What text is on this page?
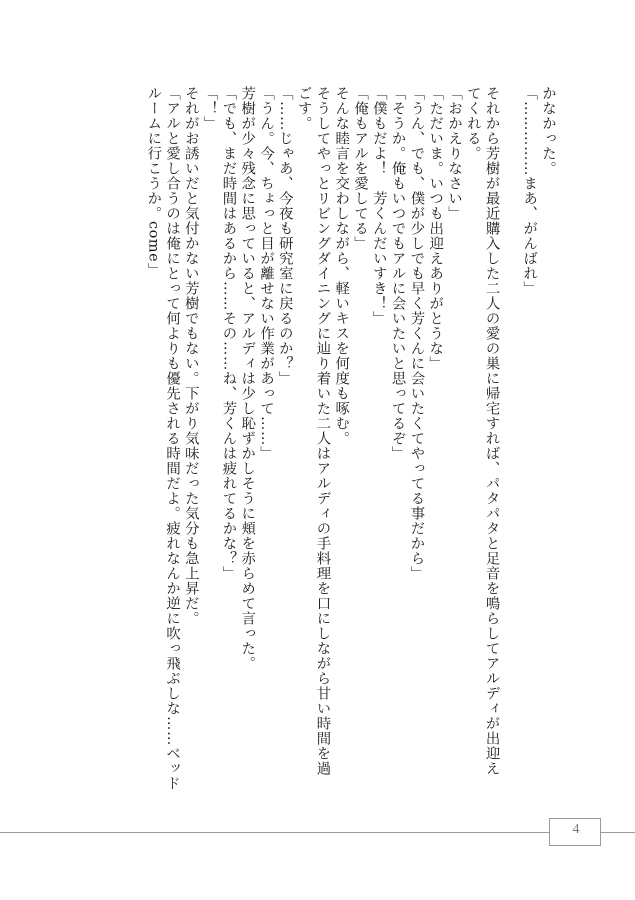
かなかった。
「……………まあ、がんばれ」

それから芳樹が最近購入した二人の愛の巣に帰宅すれば、パタパタと足音を鳴らしてアルディが出迎え
てくれる。
「おかえりなさい」
「ただいま。いつも出迎えありがとうな」
「うん、でも、僕が少しでも早く芳くんに会いたくてやってる事だから」
「そうか。俺もいつでもアルに会いたいと思ってるぞ」
「僕もだよ！　芳くんだいすき！」
「俺もアルを愛してる」
そんな睦言を交わしながら、軽いキスを何度も啄む。
そうしてやっとリビングダイニングに辿り着いた二人はアルディの手料理を口にしながら甘い時間を過
ごす。
「……じゃあ、今夜も研究室に戻るのか？」
「うん。今、ちょっと目が離せない作業があって……」
芳樹が少々残念に思っていると、アルディは少し恥ずかしそうに頬を赤らめて言った。
「でも、まだ時間はあるから……その……ね、芳くんは疲れてるかな？」
「！」
それがお誘いだと気付かない芳樹でもない。下がり気味だった気分も急上昇だ。
「アルと愛し合うのは俺にとって何よりも優先される時間だよ。疲れなんか逆に吹っ飛ぶしな……ベッド
ルームに行こうか。come」
4
